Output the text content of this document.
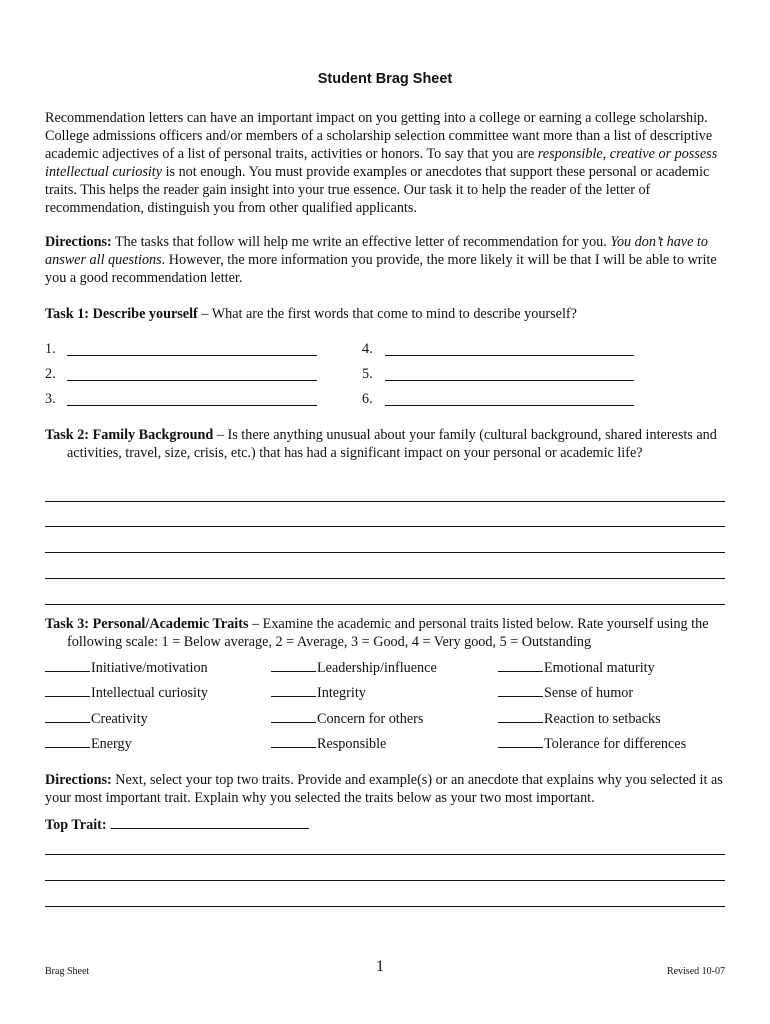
Student Brag Sheet

Recommendation letters can have an important impact on you getting into a college or earning a college scholarship. College admissions officers and/or members of a scholarship selection committee want more than a list of descriptive academic adjectives of a list of personal traits, activities or honors. To say that you are responsible, creative or possess intellectual curiosity is not enough. You must provide examples or anecdotes that support these personal or academic traits. This helps the reader gain insight into your true essence. Our task it to help the reader of the letter of recommendation, distinguish you from other qualified applicants.

Directions: The tasks that follow will help me write an effective letter of recommendation for you. You don’t have to answer all questions. However, the more information you provide, the more likely it will be that I will be able to write you a good recommendation letter.

Task 1: Describe yourself – What are the first words that come to mind to describe yourself?

1.	4.
2.	5.
3.	6.

Task 2: Family Background – Is there anything unusual about your family (cultural background, shared interests and activities, travel, size, crisis, etc.) that has had a significant impact on your personal or academic life?

Task 3: Personal/Academic Traits – Examine the academic and personal traits listed below. Rate yourself using the following scale: 1 = Below average, 2 = Average, 3 = Good, 4 = Very good, 5 = Outstanding

Initiative/motivation	Leadership/influence	Emotional maturity
Intellectual curiosity	Integrity	Sense of humor
Creativity	Concern for others	Reaction to setbacks
Energy	Responsible	Tolerance for differences

Directions: Next, select your top two traits. Provide and example(s) or an anecdote that explains why you selected it as your most important trait. Explain why you selected the traits below as your two most important.

Top Trait:
Brag Sheet	1	Revised 10-07
